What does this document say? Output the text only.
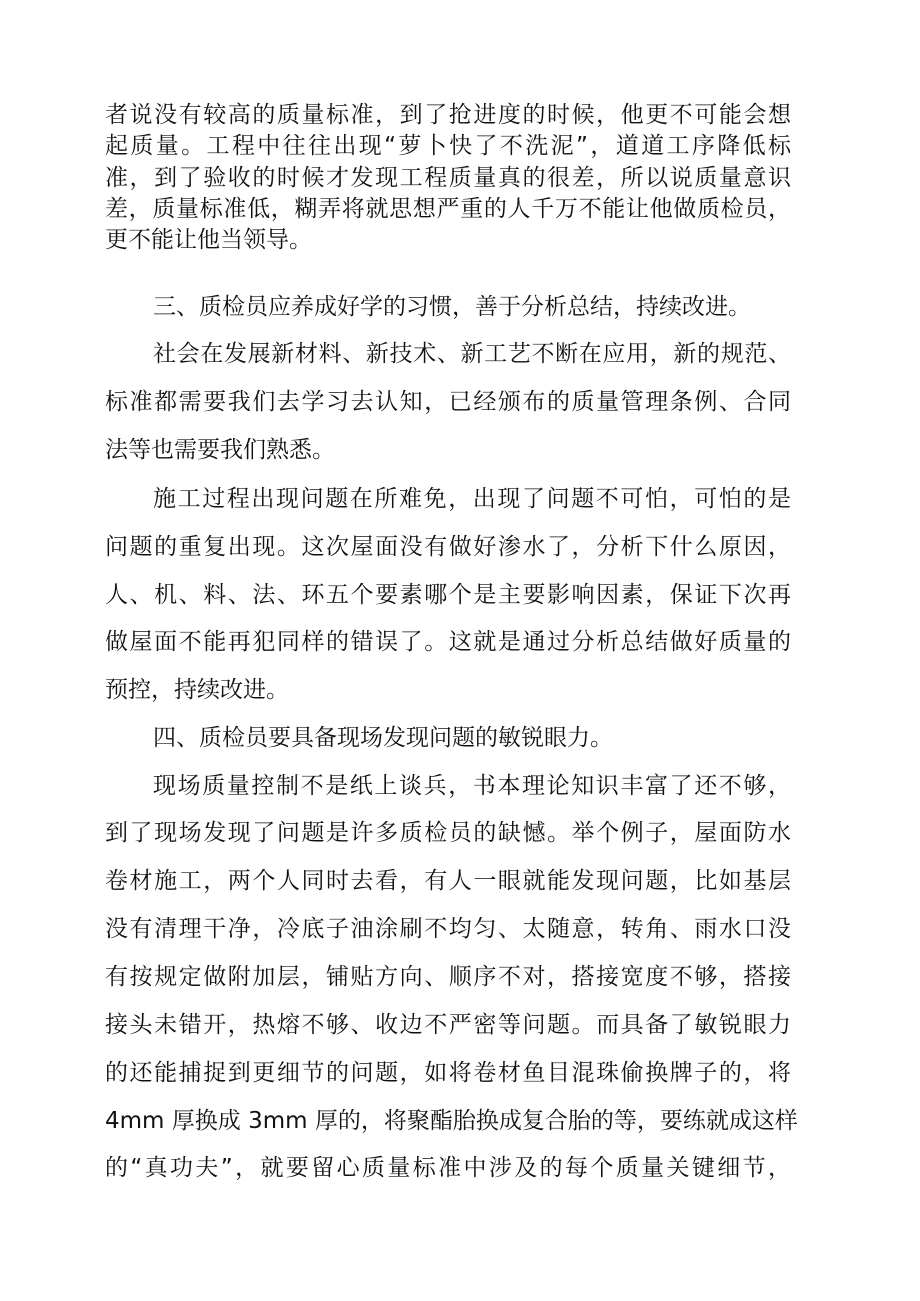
者说没有较高的质量标准，到了抢进度的时候，他更不可能会想
起质量。工程中往往出现“萝卜快了不洗泥”，道道工序降低标
准，到了验收的时候才发现工程质量真的很差，所以说质量意识
差，质量标准低，糊弄将就思想严重的人千万不能让他做质检员，
更不能让他当领导。
三、质检员应养成好学的习惯，善于分析总结，持续改进。
社会在发展新材料、新技术、新工艺不断在应用，新的规范、
标准都需要我们去学习去认知，已经颁布的质量管理条例、合同
法等也需要我们熟悉。
施工过程出现问题在所难免，出现了问题不可怕，可怕的是
问题的重复出现。这次屋面没有做好渗水了，分析下什么原因，
人、机、料、法、环五个要素哪个是主要影响因素，保证下次再
做屋面不能再犯同样的错误了。这就是通过分析总结做好质量的
预控，持续改进。
四、质检员要具备现场发现问题的敏锐眼力。
现场质量控制不是纸上谈兵，书本理论知识丰富了还不够，
到了现场发现了问题是许多质检员的缺憾。举个例子，屋面防水
卷材施工，两个人同时去看，有人一眼就能发现问题，比如基层
没有清理干净，冷底子油涂刷不均匀、太随意，转角、雨水口没
有按规定做附加层，铺贴方向、顺序不对，搭接宽度不够，搭接
接头未错开，热熔不够、收边不严密等问题。而具备了敏锐眼力
的还能捕捉到更细节的问题，如将卷材鱼目混珠偷换牌子的，将
4mm 厚换成 3mm 厚的，将聚酯胎换成复合胎的等，要练就成这样
的“真功夫”，就要留心质量标准中涉及的每个质量关键细节，
